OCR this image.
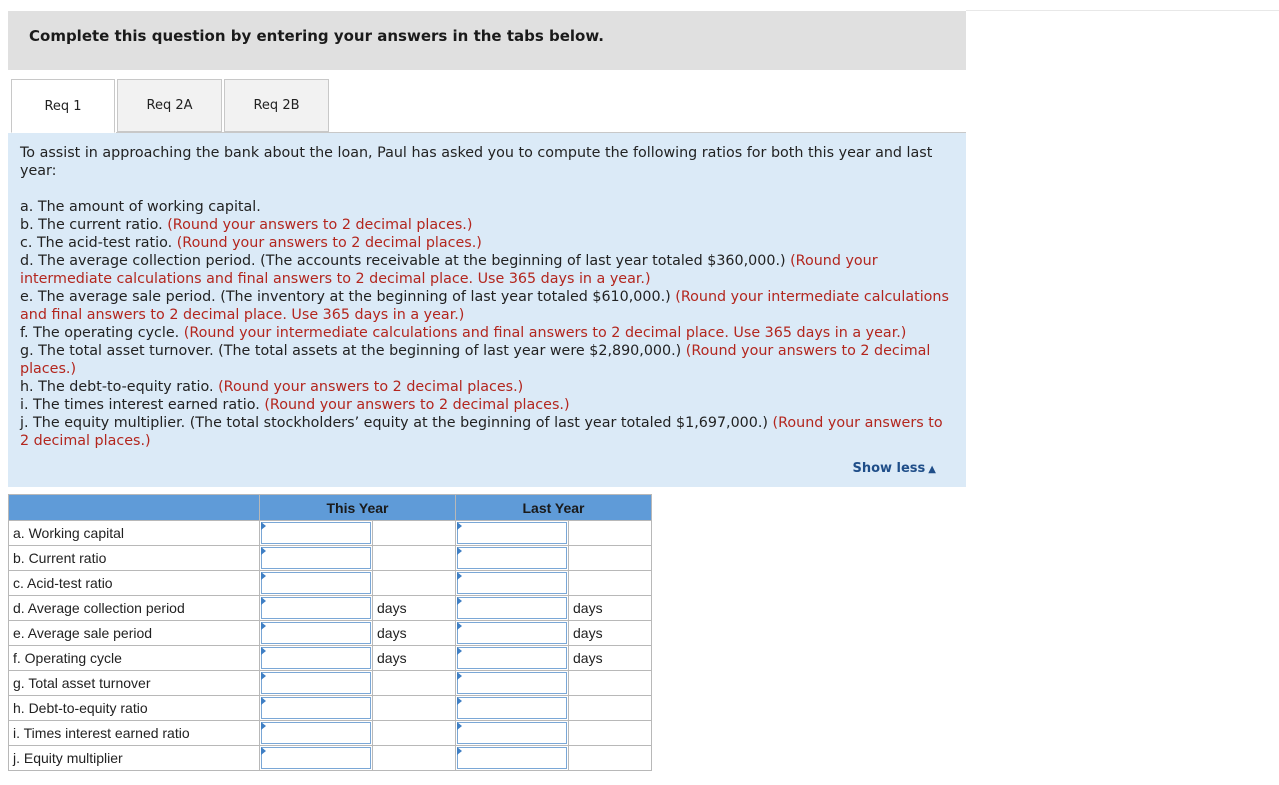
Complete this question by entering your answers in the tabs below.
Req 1	Req 2A	Req 2B

To assist in approaching the bank about the loan, Paul has asked you to compute the following ratios for both this year and last year:

a. The amount of working capital.

b. The current ratio. (Round your answers to 2 decimal places.)

c. The acid-test ratio. (Round your answers to 2 decimal places.)

d. The average collection period. (The accounts receivable at the beginning of last year totaled $360,000.) (Round your intermediate calculations and final answers to 2 decimal place. Use 365 days in a year.)

e. The average sale period. (The inventory at the beginning of last year totaled $610,000.) (Round your intermediate calculations and final answers to 2 decimal place. Use 365 days in a year.)

f. The operating cycle. (Round your intermediate calculations and final answers to 2 decimal place. Use 365 days in a year.)

g. The total asset turnover. (The total assets at the beginning of last year were $2,890,000.) (Round your answers to 2 decimal places.)

h. The debt-to-equity ratio. (Round your answers to 2 decimal places.)

i. The times interest earned ratio. (Round your answers to 2 decimal places.)

j. The equity multiplier. (The total stockholders’ equity at the beginning of last year totaled $1,697,000.) (Round your answers to 2 decimal places.)

Show less ▲
	This Year		Last Year	
a. Working capital	

b. Current ratio	

c. Acid-test ratio	

d. Average collection period		days		days
e. Average sale period		days		days
f. Operating cycle		days		days
g. Total asset turnover	

h. Debt-to-equity ratio	

i. Times interest earned ratio	

j. Equity multiplier	
